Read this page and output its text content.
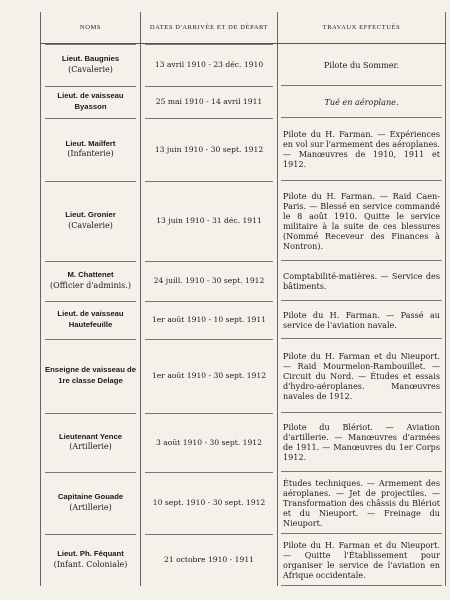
NOMS	DATES D'ARRIVÉE ET DE DÉPART	TRAVAUX EFFECTUÉS

Lieut. Baugnies
(Cavalerie)	13 avril 1910 - 23 déc. 1910	Pilote du Sommer.

Lieut. de vaisseau Byasson	25 mai 1910 - 14 avril 1911	Tué en aéroplane.

Lieut. Mailfert
(Infanterie)	13 juin 1910 - 30 sept. 1912	Pilote du H. Farman. — Expériences en vol sur l'armement des aéroplanes. — Manœuvres de 1910, 1911 et 1912.

Lieut. Gronier
(Cavalerie)	13 juin 1910 - 31 déc. 1911	Pilote du H. Farman. — Raid Caen-Paris. — Blessé en service commandé le 8 août 1910. Quitte le service militaire à la suite de ces blessures (Nommé Receveur des Finances à Nontron).

M. Chattenet
(Officier d'adminis.)	24 juill. 1910 - 30 sept. 1912	Comptabilité-matières. — Service des bâtiments.

Lieut. de vaisseau Hautefeuille	1er août 1910 - 10 sept. 1911	Pilote du H. Farman. — Passé au service de l'aviation navale.

Enseigne de vaisseau de 1re classe Delage	1er août 1910 - 30 sept. 1912	Pilote du H. Farman et du Nieuport. — Raid Mourmelon-Rambouillet. — Circuit du Nord. — Études et essais d'hydro-aéroplanes. Manœuvres navales de 1912.

Lieutenant Yence
(Artillerie)	3 août 1910 - 30 sept. 1912	Pilote du Blériot. — Aviation d'artillerie. — Manœuvres d'armées de 1911. — Manœuvres du 1er Corps 1912.

Capitaine Gouade
(Artillerie)	10 sept. 1910 - 30 sept. 1912	Études techniques. — Armement des aéroplanes. — Jet de projectiles. — Transformation des châssis du Blériot et du Nieuport. — Freinage du Nieuport.

Lieut. Ph. Féquant
(Infant. Coloniale)	21 octobre 1910 - 1911	Pilote du H. Farman et du Nieuport. — Quitte l'Établissement pour organiser le service de l'aviation en Afrique occidentale.
